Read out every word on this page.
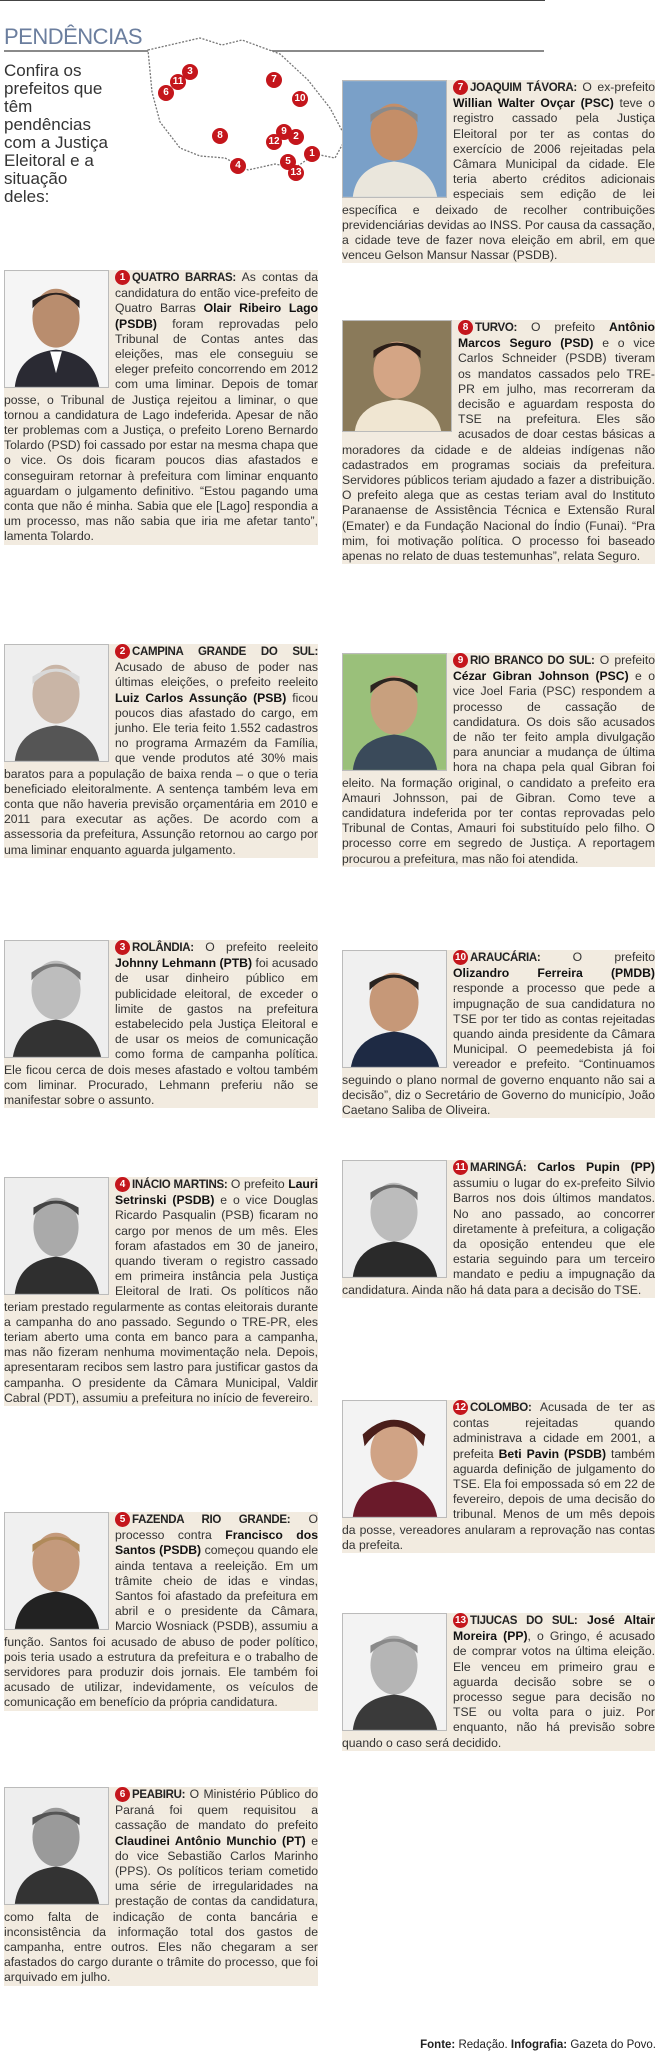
PENDÊNCIAS
Confira os prefeitos que têm pendências com a Justiça Eleitoral e a situação deles:
1
2
3
4	5
6
7
8	9
10
11
12
13

1 QUATRO BARRAS: As contas da candidatura do então vice-prefeito de Quatro Barras Olair Ribeiro Lago (PSDB) foram reprovadas pelo Tribunal de Contas antes das eleições, mas ele conseguiu se eleger prefeito concorrendo em 2012 com uma liminar. Depois de tomar posse, o Tribunal de Justiça rejeitou a liminar, o que tornou a candidatura de Lago indeferida. Apesar de não ter problemas com a Justiça, o prefeito Loreno Bernardo Tolardo (PSD) foi cassado por estar na mesma chapa que o vice. Os dois ficaram poucos dias afastados e conseguiram retornar à prefeitura com liminar enquanto aguardam o julgamento definitivo. “Estou pagando uma conta que não é minha. Sabia que ele [Lago] respondia a um processo, mas não sabia que iria me afetar tanto”, lamenta Tolardo.

2 CAMPINA GRANDE DO SUL: Acusado de abuso de poder nas últimas eleições, o prefeito reeleito Luiz Carlos Assunção (PSB) ficou poucos dias afastado do cargo, em junho. Ele teria feito 1.552 cadastros no programa Armazém da Família, que vende produtos até 30% mais baratos para a população de baixa renda – o que o teria beneficiado eleitoralmente. A sentença também leva em conta que não haveria previsão orçamentária em 2010 e 2011 para executar as ações. De acordo com a assessoria da prefeitura, Assunção retornou ao cargo por uma liminar enquanto aguarda julgamento.

3 ROLÂNDIA: O prefeito reeleito Johnny Lehmann (PTB) foi acusado de usar dinheiro público em publicidade eleitoral, de exceder o limite de gastos na prefeitura estabelecido pela Justiça Eleitoral e de usar os meios de comunicação como forma de campanha política. Ele ficou cerca de dois meses afastado e voltou também com liminar. Procurado, Lehmann preferiu não se manifestar sobre o assunto.

4 INÁCIO MARTINS: O prefeito Lauri Setrinski (PSDB) e o vice Douglas Ricardo Pasqualin (PSB) ficaram no cargo por menos de um mês. Eles foram afastados em 30 de janeiro, quando tiveram o registro cassado em primeira instância pela Justiça Eleitoral de Irati. Os políticos não teriam prestado regularmente as contas eleitorais durante a campanha do ano passado. Segundo o TRE-PR, eles teriam aberto uma conta em banco para a campanha, mas não fizeram nenhuma movimentação nela. Depois, apresentaram recibos sem lastro para justificar gastos da campanha. O presidente da Câmara Municipal, Valdir Cabral (PDT), assumiu a prefeitura no início de fevereiro.

5 FAZENDA RIO GRANDE: O processo contra Francisco dos Santos (PSDB) começou quando ele ainda tentava a reeleição. Em um trâmite cheio de idas e vindas, Santos foi afastado da prefeitura em abril e o presidente da Câmara, Marcio Wosniack (PSDB), assumiu a função. Santos foi acusado de abuso de poder político, pois teria usado a estrutura da prefeitura e o trabalho de servidores para produzir dois jornais. Ele também foi acusado de utilizar, indevidamente, os veículos de comunicação em benefício da própria candidatura.

6 PEABIRU: O Ministério Público do Paraná foi quem requisitou a cassação de mandato do prefeito Claudinei Antônio Munchio (PT) e do vice Sebastião Carlos Marinho (PPS). Os políticos teriam cometido uma série de irregularidades na prestação de contas da candidatura, como falta de indicação de conta bancária e inconsistência da informação total dos gastos de campanha, entre outros. Eles não chegaram a ser afastados do cargo durante o trâmite do processo, que foi arquivado em julho.

7 JOAQUIM TÁVORA: O ex-prefeito Willian Walter Ovçar (PSC) teve o registro cassado pela Justiça Eleitoral por ter as contas do exercício de 2006 rejeitadas pela Câmara Municipal da cidade. Ele teria aberto créditos adicionais especiais sem edição de lei específica e deixado de recolher contribuições previdenciárias devidas ao INSS. Por causa da cassação, a cidade teve de fazer nova eleição em abril, em que venceu Gelson Mansur Nassar (PSDB).

8 TURVO: O prefeito Antônio Marcos Seguro (PSD) e o vice Carlos Schneider (PSDB) tiveram os mandatos cassados pelo TRE-PR em julho, mas recorreram da decisão e aguardam resposta do TSE na prefeitura. Eles são acusados de doar cestas básicas a moradores da cidade e de aldeias indígenas não cadastrados em programas sociais da prefeitura. Servidores públicos teriam ajudado a fazer a distribuição. O prefeito alega que as cestas teriam aval do Instituto Paranaense de Assistência Técnica e Extensão Rural (Emater) e da Fundação Nacional do Índio (Funai). “Pra mim, foi motivação política. O processo foi baseado apenas no relato de duas testemunhas”, relata Seguro.

9 RIO BRANCO DO SUL: O prefeito Cézar Gibran Johnson (PSC) e o vice Joel Faria (PSC) respondem a processo de cassação de candidatura. Os dois são acusados de não ter feito ampla divulgação para anunciar a mudança de última hora na chapa pela qual Gibran foi eleito. Na formação original, o candidato a prefeito era Amauri Johnsson, pai de Gibran. Como teve a candidatura indeferida por ter contas reprovadas pelo Tribunal de Contas, Amauri foi substituído pelo filho. O processo corre em segredo de Justiça. A reportagem procurou a prefeitura, mas não foi atendida.

10 ARAUCÁRIA:	O prefeito Olizandro Ferreira (PMDB) responde a processo que pede a impugnação de sua candidatura no TSE por ter tido as contas rejeitadas quando ainda presidente da Câmara Municipal. O peemedebista já foi vereador e prefeito. “Continuamos seguindo o plano normal de governo enquanto não sai a decisão”, diz o Secretário de Governo do município, João Caetano Saliba de Oliveira.

11 MARINGÁ: Carlos Pupin (PP) assumiu o lugar do ex-prefeito Silvio Barros nos dois últimos mandatos. No ano passado, ao concorrer diretamente à prefeitura, a coligação da oposição entendeu que ele estaria seguindo para um terceiro mandato e pediu a impugnação da candidatura. Ainda não há data para a decisão do TSE.

12 COLOMBO: Acusada de ter as contas rejeitadas quando administrava a cidade em 2001, a prefeita Beti Pavin (PSDB) também aguarda definição de julgamento do TSE. Ela foi empossada só em 22 de fevereiro, depois de uma decisão do tribunal. Menos de um mês depois da posse, vereadores anularam a reprovação nas contas da prefeita.

13 TIJUCAS DO SUL: José Altair Moreira (PP), o Gringo, é acusado de comprar votos na última eleição. Ele venceu em primeiro grau e aguarda decisão sobre se o processo segue para decisão no TSE ou volta para o juiz. Por enquanto, não há previsão sobre quando o caso será decidido.

Fonte: Redação. Infografia: Gazeta do Povo.
